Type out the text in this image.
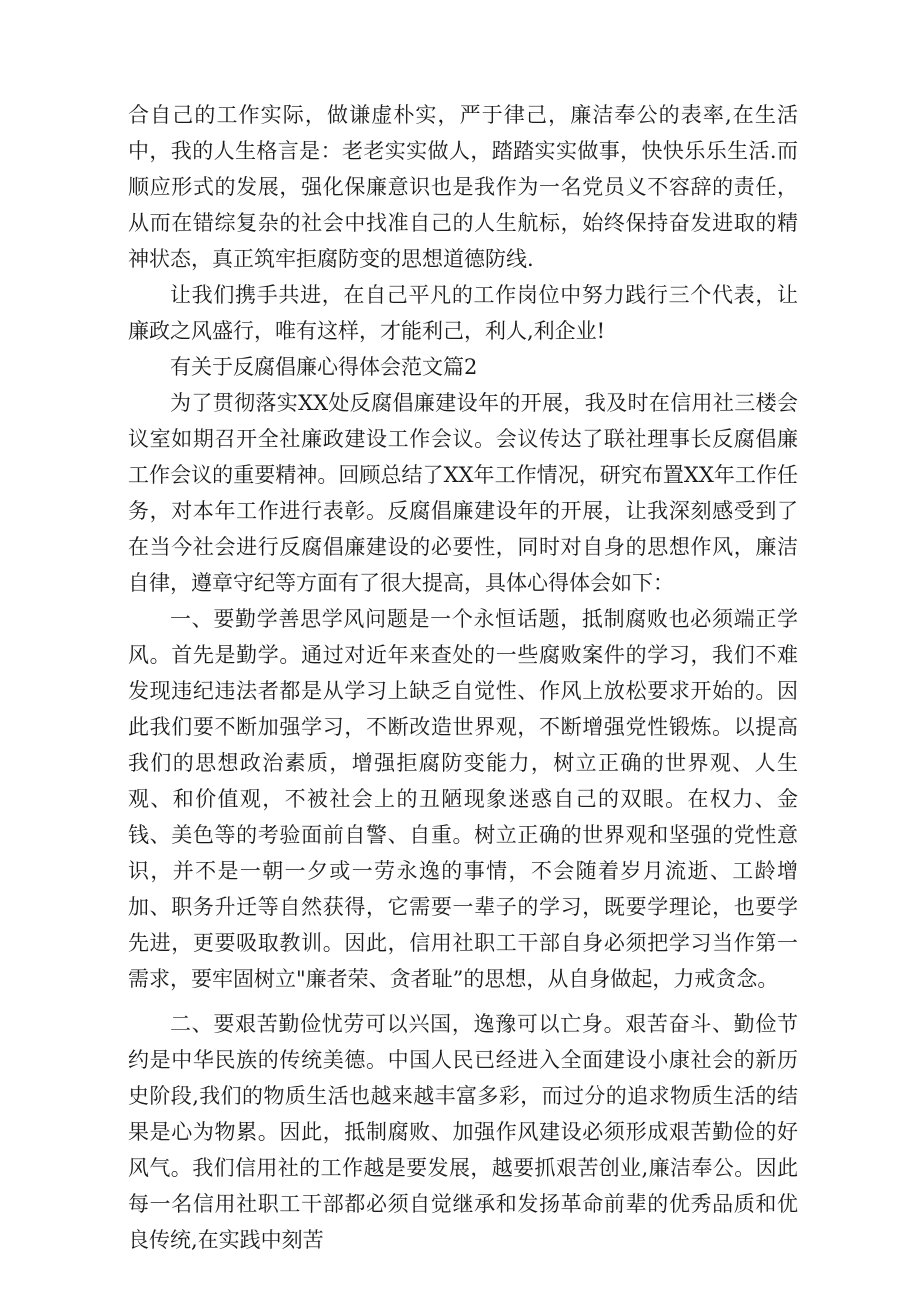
合自己的工作实际，做谦虚朴实，严于律己，廉洁奉公的表率,在生活中，我的人生格言是：老老实实做人，踏踏实实做事，快快乐乐生活.而顺应形式的发展，强化保廉意识也是我作为一名党员义不容辞的责任，从而在错综复杂的社会中找准自己的人生航标，始终保持奋发进取的精神状态，真正筑牢拒腐防变的思想道德防线.

让我们携手共进，在自己平凡的工作岗位中努力践行三个代表，让廉政之风盛行，唯有这样，才能利己，利人,利企业!

有关于反腐倡廉心得体会范文篇2

为了贯彻落实XX处反腐倡廉建设年的开展，我及时在信用社三楼会议室如期召开全社廉政建设工作会议。会议传达了联社理事长反腐倡廉工作会议的重要精神。回顾总结了XX年工作情况，研究布置XX年工作任务，对本年工作进行表彰。反腐倡廉建设年的开展，让我深刻感受到了在当今社会进行反腐倡廉建设的必要性，同时对自身的思想作风，廉洁自律，遵章守纪等方面有了很大提高，具体心得体会如下：

一、要勤学善思学风问题是一个永恒话题，抵制腐败也必须端正学风。首先是勤学。通过对近年来查处的一些腐败案件的学习，我们不难发现违纪违法者都是从学习上缺乏自觉性、作风上放松要求开始的。因此我们要不断加强学习，不断改造世界观，不断增强党性锻炼。以提高我们的思想政治素质，增强拒腐防变能力，树立正确的世界观、人生观、和价值观，不被社会上的丑陋现象迷惑自己的双眼。在权力、金钱、美色等的考验面前自警、自重。树立正确的世界观和坚强的党性意识，并不是一朝一夕或一劳永逸的事情，不会随着岁月流逝、工龄增加、职务升迁等自然获得，它需要一辈子的学习，既要学理论，也要学先进，更要吸取教训。因此，信用社职工干部自身必须把学习当作第一需求，要牢固树立"廉者荣、贪者耻”的思想，从自身做起，力戒贪念。

二、要艰苦勤俭忧劳可以兴国，逸豫可以亡身。艰苦奋斗、勤俭节约是中华民族的传统美德。中国人民已经进入全面建设小康社会的新历史阶段,我们的物质生活也越来越丰富多彩，而过分的追求物质生活的结果是心为物累。因此，抵制腐败、加强作风建设必须形成艰苦勤俭的好风气。我们信用社的工作越是要发展，越要抓艰苦创业,廉洁奉公。因此每一名信用社职工干部都必须自觉继承和发扬革命前辈的优秀品质和优良传统,在实践中刻苦
